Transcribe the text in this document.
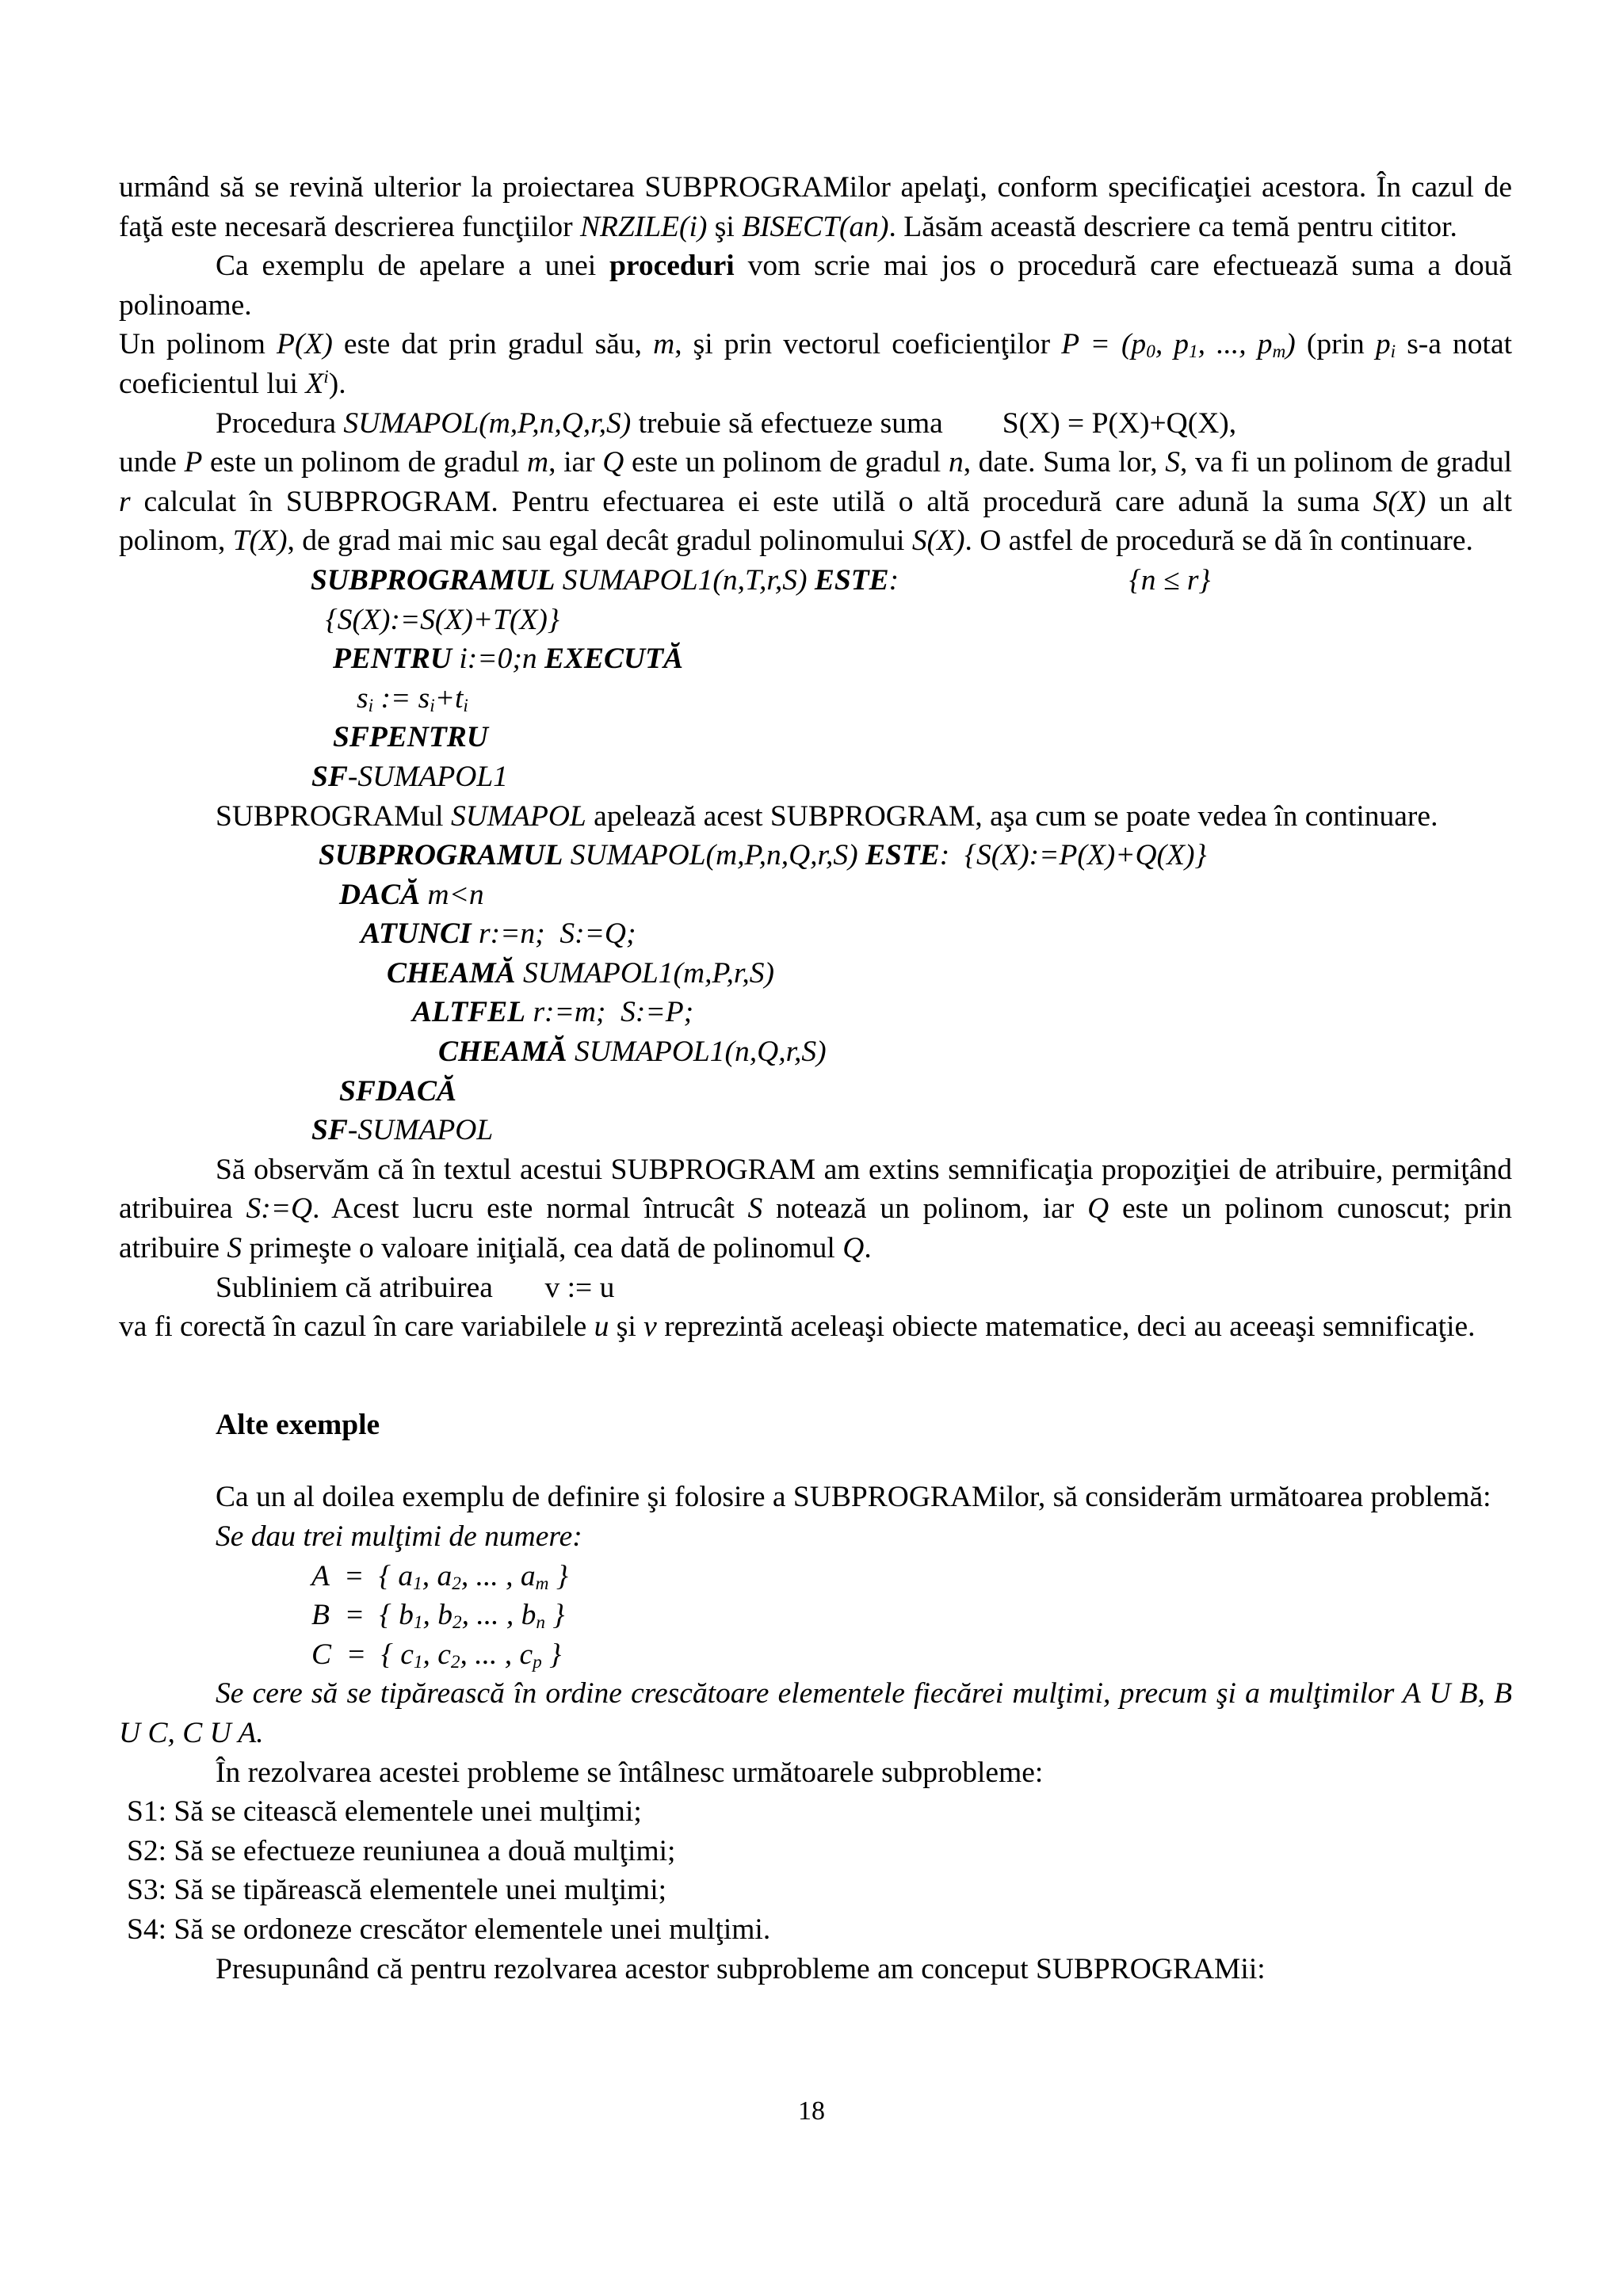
urmând să se revină ulterior la proiectarea SUBPROGRAMilor apelaţi, conform specificaţiei acestora. În cazul de faţă este necesară descrierea funcţiilor NRZILE(i) şi BISECT(an). Lăsăm această descriere ca temă pentru cititor.

Ca exemplu de apelare a unei proceduri vom scrie mai jos o procedură care efectuează suma a două polinoame.

Un polinom P(X) este dat prin gradul său, m, şi prin vectorul coeficienţilor $P = (p_0$, $p_1$, ..., $p_m$) (prin $p_i$ s-a notat coeficientul lui $X^i$).

Procedura SUMAPOL(m,P,n,Q,r,S) trebuie să efectueze suma        S(X) = P(X)+Q(X),

unde P este un polinom de gradul m, iar Q este un polinom de gradul n, date. Suma lor, S, va fi un polinom de gradul r calculat în SUBPROGRAM. Pentru efectuarea ei este utilă o altă procedură care adună la suma S(X) un alt polinom, T(X), de grad mai mic sau egal decât gradul polinomului S(X). O astfel de procedură se dă în continuare.

SUBPROGRAMUL SUMAPOL1(n,T,r,S) ESTE:                               {n ≤ r}
{S(X):=S(X)+T(X)}
PENTRU i:=0;n EXECUTĂ
$s_i$ := $s_i+t_i$
SFPENTRU
SF-SUMAPOL1

SUBPROGRAMul SUMAPOL apelează acest SUBPROGRAM, aşa cum se poate vedea în continuare.

SUBPROGRAMUL SUMAPOL(m,P,n,Q,r,S) ESTE:  {S(X):=P(X)+Q(X)}
DACĂ m<n
ATUNCI r:=n;  S:=Q;
CHEAMĂ SUMAPOL1(m,P,r,S)
ALTFEL r:=m;  S:=P;
CHEAMĂ SUMAPOL1(n,Q,r,S)
SFDACĂ
SF-SUMAPOL

Să observăm că în textul acestui SUBPROGRAM am extins semnificaţia propoziţiei de atribuire, permiţând atribuirea S:=Q. Acest lucru este normal întrucât S notează un polinom, iar Q este un polinom cunoscut; prin atribuire S primeşte o valoare iniţială, cea dată de polinomul Q.

Subliniem că atribuirea       v := u

va fi corectă în cazul în care variabilele u şi v reprezintă aceleaşi obiecte matematice, deci au aceeaşi semnificaţie.

Alte exemple

Ca un al doilea exemplu de definire şi folosire a SUBPROGRAMilor, să considerăm următoarea problemă:

Se dau trei mulţimi de numere:

A  =  { $a_1$, $a_2$, ... , $a_m$ }
B  =  { $b_1$, $b_2$, ... , $b_n$ }
C  =  { $c_1$, $c_2$, ... , $c_p$ }

Se cere să se tipărească în ordine crescătoare elementele fiecărei mulţimi, precum şi a mulţimilor A U B, B U C, C U A.

În rezolvarea acestei probleme se întâlnesc următoarele subprobleme:

S1: Să se citească elementele unei mulţimi;

S2: Să se efectueze reuniunea a două mulţimi;

S3: Să se tipărească elementele unei mulţimi;

S4: Să se ordoneze crescător elementele unei mulţimi.

Presupunând că pentru rezolvarea acestor subprobleme am conceput SUBPROGRAMii:

18
